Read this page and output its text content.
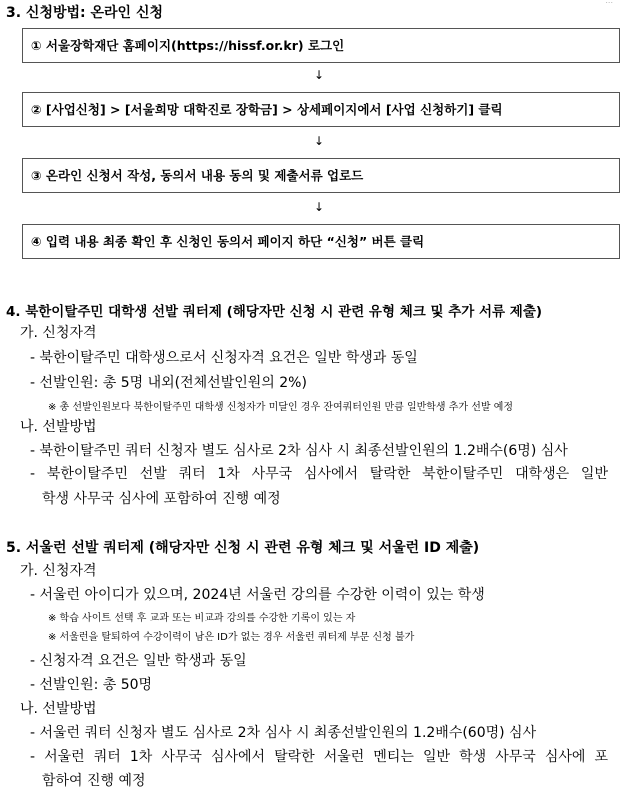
...
3. 신청방법: 온라인 신청
① 서울장학재단 홈페이지(https://hissf.or.kr) 로그인
↓
② [사업신청] > [서울희망 대학진로 장학금] > 상세페이지에서 [사업 신청하기] 클릭
↓
③ 온라인 신청서 작성, 동의서 내용 동의 및 제출서류 업로드
↓
④ 입력 내용 최종 확인 후 신청인 동의서 페이지 하단 “신청” 버튼 클릭
4. 북한이탈주민 대학생 선발 쿼터제 (해당자만 신청 시 관련 유형 체크 및 추가 서류 제출)
가. 신청자격
- 북한이탈주민 대학생으로서 신청자격 요건은 일반 학생과 동일
- 선발인원: 총 5명 내외(전체선발인원의 2%)
※ 총 선발인원보다 북한이탈주민 대학생 신청자가 미달인 경우 잔여쿼터인원 만큼 일반학생 추가 선발 예정
나. 선발방법
- 북한이탈주민 쿼터 신청자 별도 심사로 2차 심사 시 최종선발인원의 1.2배수(6명) 심사
- 북한이탈주민 선발 쿼터 1차 사무국 심사에서 탈락한 북한이탈주민 대학생은 일반
학생 사무국 심사에 포함하여 진행 예정
5. 서울런 선발 쿼터제 (해당자만 신청 시 관련 유형 체크 및 서울런 ID 제출)
가. 신청자격
- 서울런 아이디가 있으며, 2024년 서울런 강의를 수강한 이력이 있는 학생
※ 학습 사이트 선택 후 교과 또는 비교과 강의를 수강한 기록이 있는 자
※ 서울런을 탈퇴하여 수강이력이 남은 ID가 없는 경우 서울런 쿼터제 부문 신청 불가
- 신청자격 요건은 일반 학생과 동일
- 선발인원: 총 50명
나. 선발방법
- 서울런 쿼터 신청자 별도 심사로 2차 심사 시 최종선발인원의 1.2배수(60명) 심사
- 서울런 쿼터 1차 사무국 심사에서 탈락한 서울런 멘티는 일반 학생 사무국 심사에 포
함하여 진행 예정
